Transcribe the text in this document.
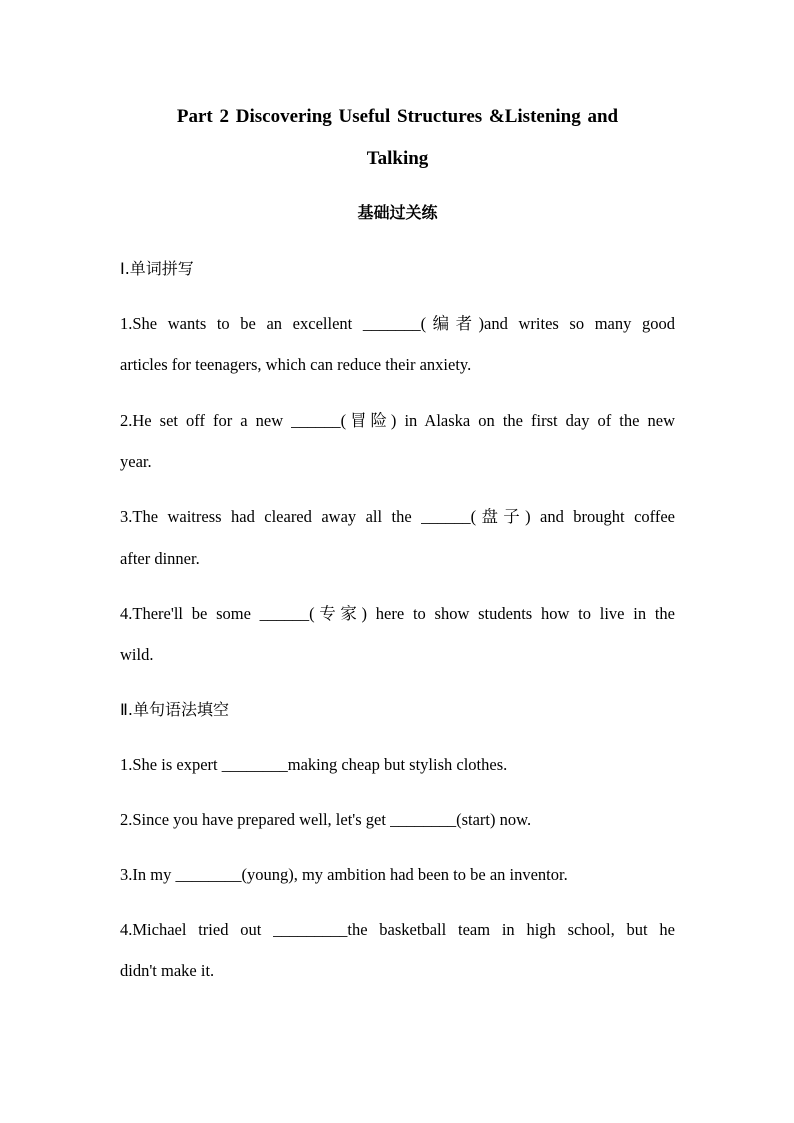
Part 2 Discovering Useful Structures &Listening and
Talking
基础过关练
Ⅰ.单词拼写
1.She wants to be an excellent _______(编者)and writes so many good
articles for teenagers, which can reduce their anxiety.
2.He set off for a new ______(冒险) in Alaska on the first day of the new
year.
3.The waitress had cleared away all the ______(盘子) and brought coffee
after dinner.
4.There'll be some ______(专家) here to show students how to live in the
wild.
Ⅱ.单句语法填空
1.She is expert ________making cheap but stylish clothes.
2.Since you have prepared well, let's get ________(start) now.
3.In my ________(young), my ambition had been to be an inventor.
4.Michael tried out _________the basketball team in high school, but he
didn't make it.
